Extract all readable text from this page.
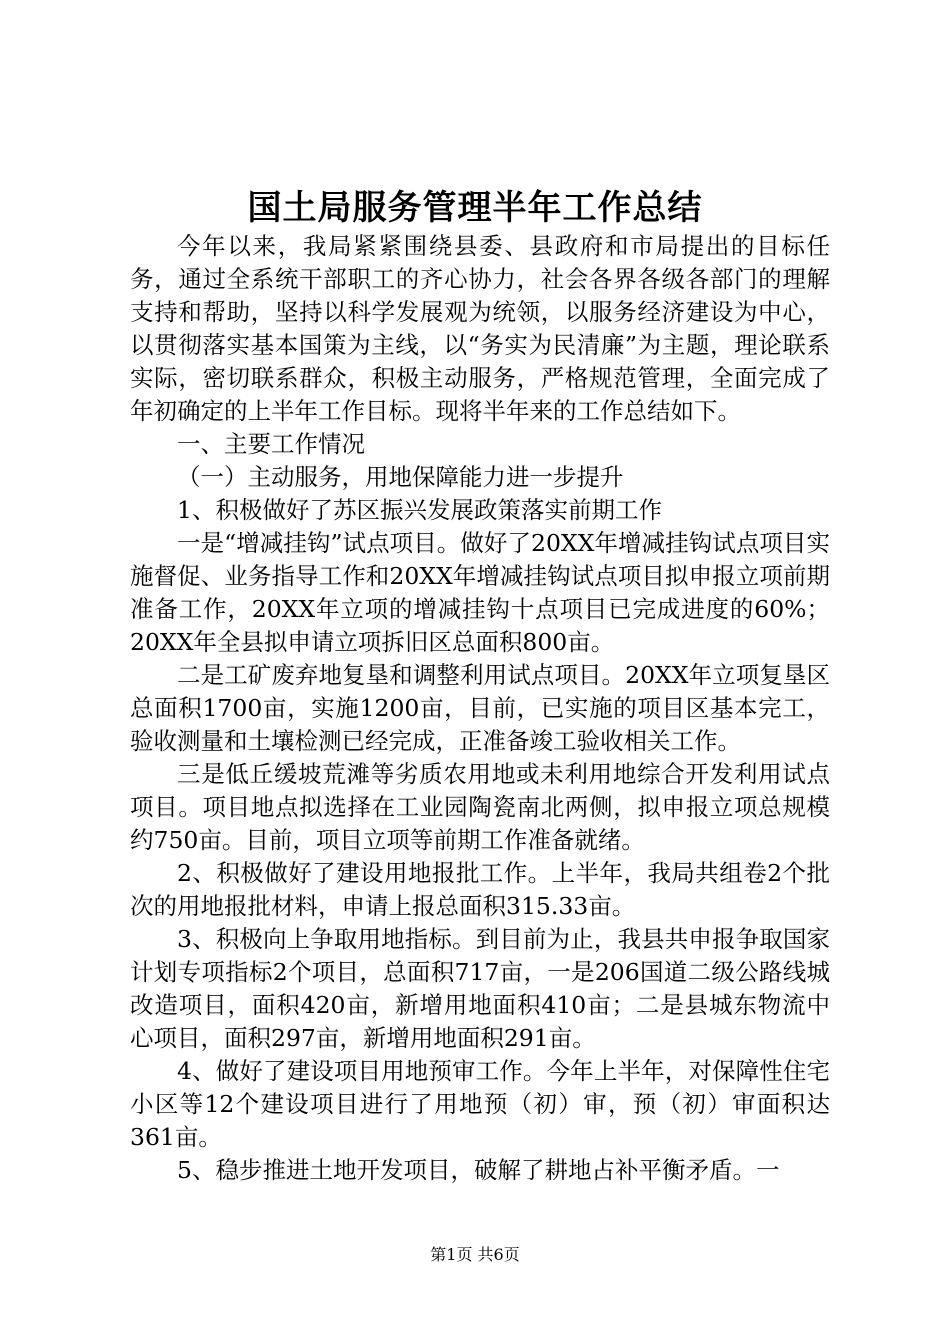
国土局服务管理半年工作总结

今年以来，我局紧紧围绕县委、县政府和市局提出的目标任务，通过全系统干部职工的齐心协力，社会各界各级各部门的理解支持和帮助，坚持以科学发展观为统领，以服务经济建设为中心，以贯彻落实基本国策为主线，以“务实为民清廉”为主题，理论联系实际，密切联系群众，积极主动服务，严格规范管理，全面完成了年初确定的上半年工作目标。现将半年来的工作总结如下。

一、主要工作情况

（一）主动服务，用地保障能力进一步提升

1、积极做好了苏区振兴发展政策落实前期工作

一是“增减挂钩”试点项目。做好了20XX年增减挂钩试点项目实施督促、业务指导工作和20XX年增减挂钩试点项目拟申报立项前期准备工作，20XX年立项的增减挂钩十点项目已完成进度的60%；20XX年全县拟申请立项拆旧区总面积800亩。

二是工矿废弃地复垦和调整利用试点项目。20XX年立项复垦区总面积1700亩，实施1200亩，目前，已实施的项目区基本完工，验收测量和土壤检测已经完成，正准备竣工验收相关工作。

三是低丘缓坡荒滩等劣质农用地或未利用地综合开发利用试点项目。项目地点拟选择在工业园陶瓷南北两侧，拟申报立项总规模约750亩。目前，项目立项等前期工作准备就绪。

2、积极做好了建设用地报批工作。上半年，我局共组卷2个批次的用地报批材料，申请上报总面积315.33亩。

3、积极向上争取用地指标。到目前为止，我县共申报争取国家计划专项指标2个项目，总面积717亩，一是206国道二级公路线城改造项目，面积420亩，新增用地面积410亩；二是县城东物流中心项目，面积297亩，新增用地面积291亩。

4、做好了建设项目用地预审工作。今年上半年，对保障性住宅小区等12个建设项目进行了用地预（初）审，预（初）审面积达361亩。

5、稳步推进土地开发项目，破解了耕地占补平衡矛盾。一

第1页 共6页
